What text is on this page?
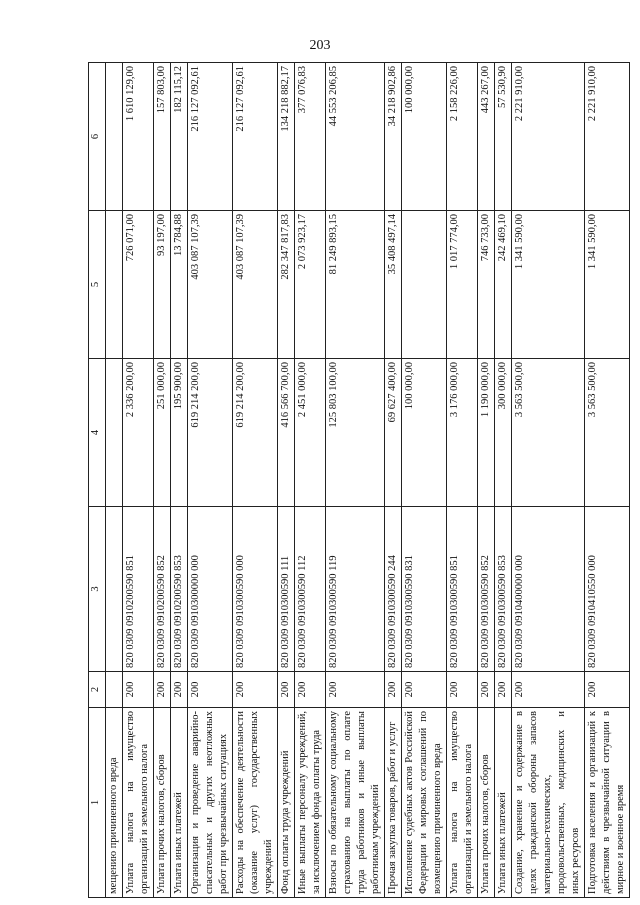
203
1	2	3	4	5	6
мещению причиненного вреда					
Уплата налога на имущество организаций и земельного налога	200	820 0309 0910200590 851	2 336 200,00	726 071,00	1 610 129,00
Уплата прочих налогов, сборов	200	820 0309 0910200590 852	251 000,00	93 197,00	157 803,00
Уплата иных платежей	200	820 0309 0910200590 853	195 900,00	13 784,88	182 115,12
Организация и проведение аварийно-спасательных и других неотложных работ при чрезвычайных ситуациях	200	820 0309 0910300000 000	619 214 200,00	403 087 107,39	216 127 092,61
Расходы на обеспечение деятельности (оказание услуг) государственных учреждений	200	820 0309 0910300590 000	619 214 200,00	403 087 107,39	216 127 092,61
Фонд оплаты труда учреждений	200	820 0309 0910300590 111	416 566 700,00	282 347 817,83	134 218 882,17
Иные выплаты персоналу учреждений, за исключением фонда оплаты труда	200	820 0309 0910300590 112	2 451 000,00	2 073 923,17	377 076,83
Взносы по обязательному социальному страхованию на выплаты по оплате труда работников и иные выплаты работникам учреждений	200	820 0309 0910300590 119	125 803 100,00	81 249 893,15	44 553 206,85
Прочая закупка товаров, работ и услуг	200	820 0309 0910300590 244	69 627 400,00	35 408 497,14	34 218 902,86
Исполнение судебных актов Российской Федерации и мировых соглашений по возмещению причиненного вреда	200	820 0309 0910300590 831	100 000,00		100 000,00
Уплата налога на имущество организаций и земельного налога	200	820 0309 0910300590 851	3 176 000,00	1 017 774,00	2 158 226,00
Уплата прочих налогов, сборов	200	820 0309 0910300590 852	1 190 000,00	746 733,00	443 267,00
Уплата иных платежей	200	820 0309 0910300590 853	300 000,00	242 469,10	57 530,90
Создание, хранение и содержание в целях гражданской обороны запасов материально-технических, продовольственных, медицинских и иных ресурсов	200	820 0309 0910400000 000	3 563 500,00	1 341 590,00	2 221 910,00
Подготовка населения и организаций к действиям в чрезвычайной ситуации в мирное и военное время	200	820 0309 0910410550 000	3 563 500,00	1 341 590,00	2 221 910,00
